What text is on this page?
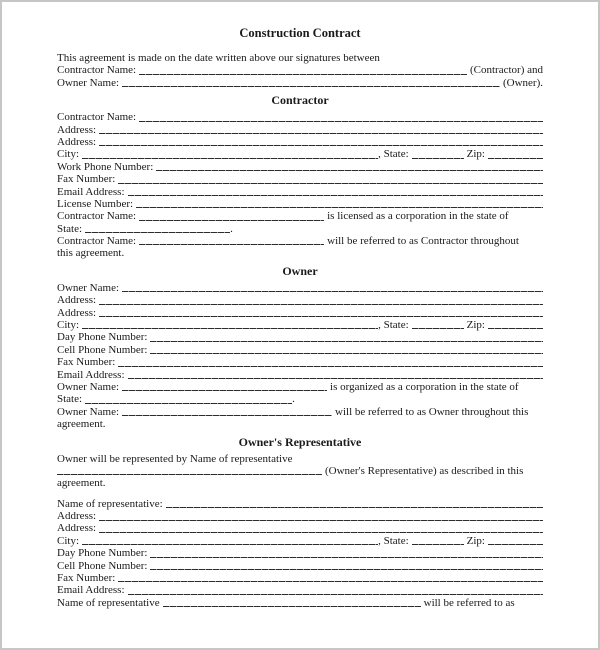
Construction Contract
This agreement is made on the date written above our signatures between
Contractor Name:	(Contractor) and
Owner Name:	(Owner).
Contractor
Contractor Name:
Address:
Address:
City:	, State:	Zip:
Work Phone Number:
Fax Number:
Email Address:
License Number:
Contractor Name:	is licensed as a corporation in the state of
State:	.
Contractor Name:	will be referred to as Contractor throughout
this agreement.
Owner
Owner Name:
Address:
Address:
City:	, State:	Zip:
Day Phone Number:
Cell Phone Number:
Fax Number:
Email Address:
Owner Name:	is organized as a corporation in the state of
State:	.
Owner Name:	will be referred to as Owner throughout this
agreement.
Owner's Representative
Owner will be represented by Name of representative
(Owner's Representative) as described in this
agreement.
Name of representative:
Address:
Address:
City:	, State:	Zip:
Day Phone Number:
Cell Phone Number:
Fax Number:
Email Address:
Name of representative	will be referred to as
